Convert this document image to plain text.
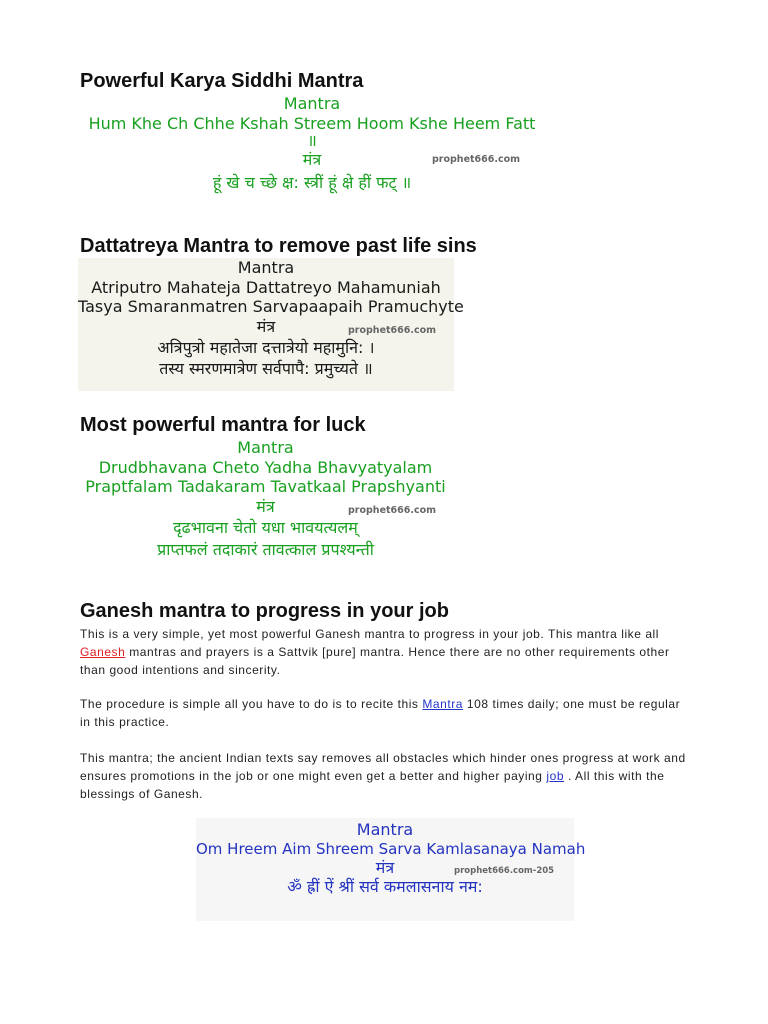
Powerful Karya Siddhi Mantra
Mantra
Hum Khe Ch Chhe Kshah Streem Hoom Kshe Heem Fatt
॥
मंत्र
हूं खे च च्छे क्ष: स्त्रीं हूं क्षे हीं फट् ॥
prophet666.com
Dattatreya Mantra to remove past life sins
Mantra
Atriputro Mahateja Dattatreyo Mahamuniah
Tasya Smaranmatren Sarvapaapaih Pramuchyte
मंत्र
अत्रिपुत्रो महातेजा दत्तात्रेयो महामुनि: ।
तस्य स्मरणमात्रेण सर्वपापै: प्रमुच्यते ॥
prophet666.com
Most powerful mantra for luck
Mantra
Drudbhavana Cheto Yadha Bhavyatyalam
Praptfalam Tadakaram Tavatkaal Prapshyanti
मंत्र
दृढभावना चेतो यधा भावयत्यलम्
प्राप्तफलं तदाकारं तावत्काल प्रपश्यन्ती
prophet666.com
Ganesh mantra to progress in your job

This is a very simple, yet most powerful Ganesh mantra to progress in your job. This mantra like all Ganesh mantras and prayers is a Sattvik [pure] mantra. Hence there are no other requirements other than good intentions and sincerity.

The procedure is simple all you have to do is to recite this Mantra 108 times daily; one must be regular in this practice.

This mantra; the ancient Indian texts say removes all obstacles which hinder ones progress at work and ensures promotions in the job or one might even get a better and higher paying job . All this with the blessings of Ganesh.

Mantra
Om Hreem Aim Shreem Sarva Kamlasanaya Namah
मंत्र
ॐ ह्रीं ऐं श्रीं सर्व कमलासनाय नम:
prophet666.com-205
